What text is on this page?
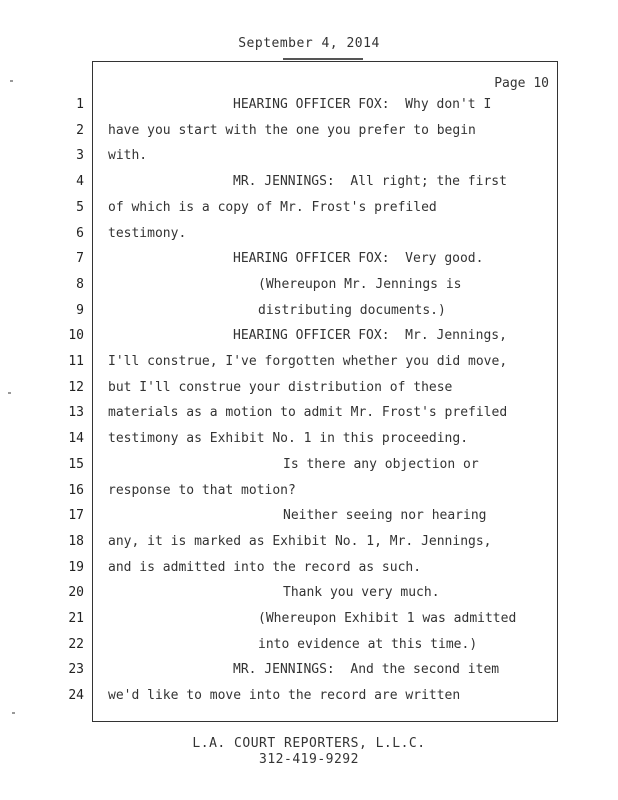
September 4, 2014
Page 10
1	HEARING OFFICER FOX:  Why don't I
2 have you start with the one you prefer to begin
3 with.
4	MR. JENNINGS:  All right; the first
5 of which is a copy of Mr. Frost's prefiled
6 testimony.
7	HEARING OFFICER FOX:  Very good.
8	(Whereupon Mr. Jennings is
9	distributing documents.)
10	HEARING OFFICER FOX:  Mr. Jennings,
11 I'll construe, I've forgotten whether you did move,
12 but I'll construe your distribution of these
13 materials as a motion to admit Mr. Frost's prefiled
14 testimony as Exhibit No. 1 in this proceeding.
15	Is there any objection or
16 response to that motion?
17	Neither seeing nor hearing
18 any, it is marked as Exhibit No. 1, Mr. Jennings,
19 and is admitted into the record as such.
20	Thank you very much.
21	(Whereupon Exhibit 1 was admitted
22	into evidence at this time.)
23	MR. JENNINGS:  And the second item
24 we'd like to move into the record are written
L.A. COURT REPORTERS, L.L.C.
312-419-9292
